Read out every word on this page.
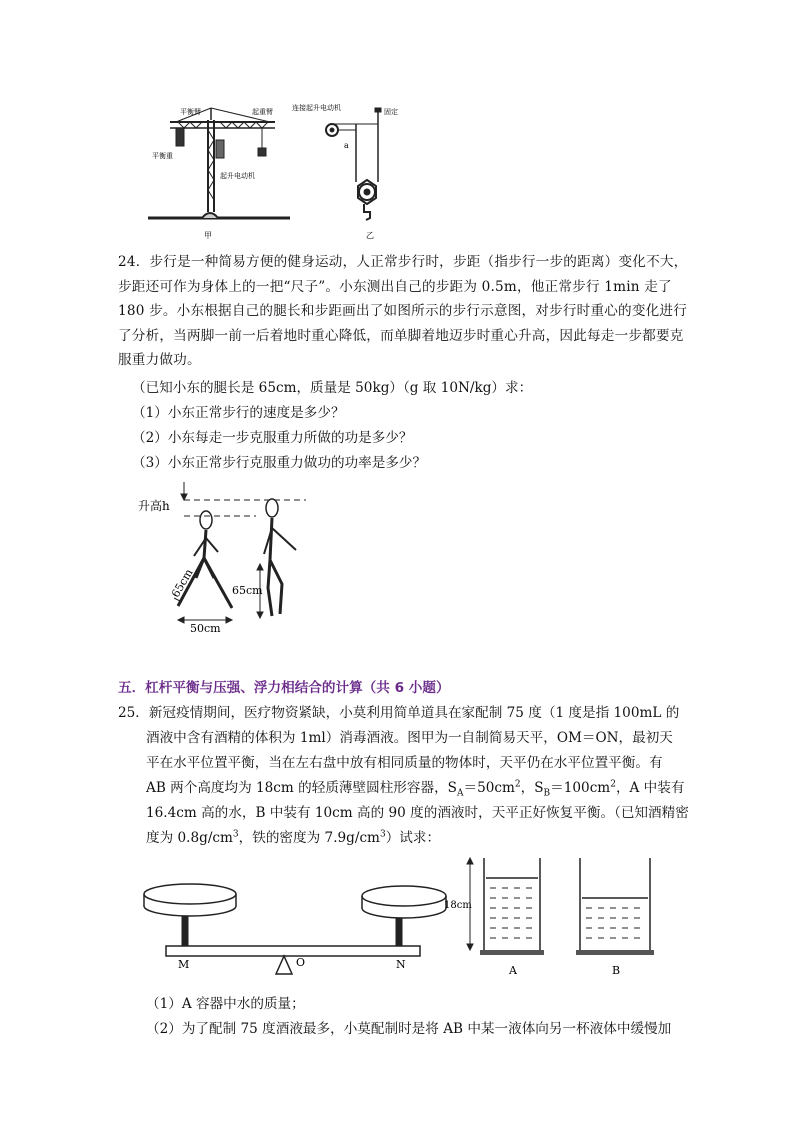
平衡臂	起重臂
平衡重
起升电动机
甲
连接起升电动机	固定
a
乙
24．步行是一种简易方便的健身运动，人正常步行时，步距（指步行一步的距离）变化不大，步距还可作为身体上的一把“尺子”。小东测出自己的步距为 0.5m，他正常步行 1min 走了 180 步。小东根据自己的腿长和步距画出了如图所示的步行示意图，对步行时重心的变化进行了分析，当两脚一前一后着地时重心降低，而单脚着地迈步时重心升高，因此每走一步都要克服重力做功。
（已知小东的腿长是 65cm，质量是 50kg）（g 取 10N/kg）求：
（1）小东正常步行的速度是多少？
（2）小东每走一步克服重力所做的功是多少？
（3）小东正常步行克服重力做功的功率是多少？
升高h
65cm	65cm
50cm
五．杠杆平衡与压强、浮力相结合的计算（共 6 小题）
25．新冠疫情期间，医疗物资紧缺，小莫利用简单道具在家配制 75 度（1 度是指 100mL 的
酒液中含有酒精的体积为 1ml）消毒酒液。图甲为一自制简易天平，OM＝ON，最初天
平在水平位置平衡，当在左右盘中放有相同质量的物体时，天平仍在水平位置平衡。有
AB 两个高度均为 18cm 的轻质薄壁圆柱形容器，$S_A=50cm^2$，$S_B=100cm^2$，A 中装有
16.4cm 高的水，B 中装有 10cm 高的 90 度的酒液时，天平正好恢复平衡。（已知酒精密
度为 $0.8g/cm^3$，铁的密度为 $7.9g/cm^3$）试求：
M	O	N
18cm
A	B
（1）A 容器中水的质量；
（2）为了配制 75 度酒液最多，小莫配制时是将 AB 中某一液体向另一杯液体中缓慢加
